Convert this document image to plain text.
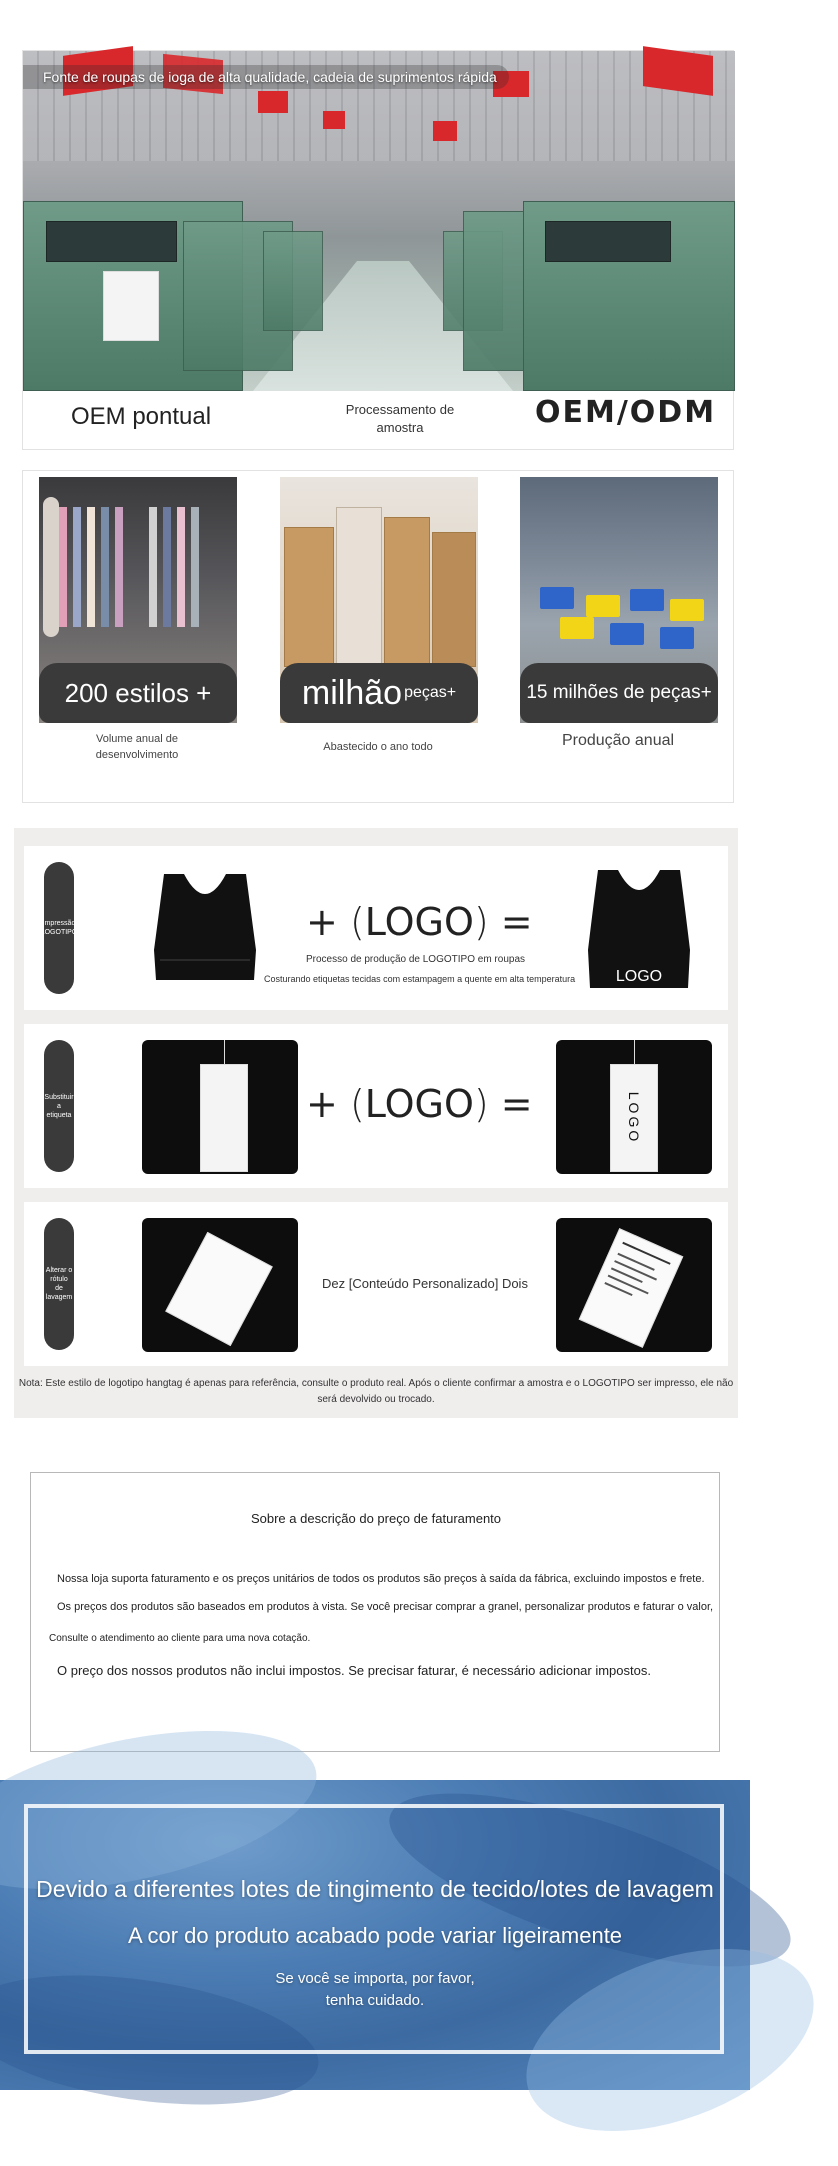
Fonte de roupas de ioga de alta qualidade, cadeia de suprimentos rápida
OEM pontual	Processamento de amostra	OEM/ODM
200 estilos +
Volume anual de desenvolvimento
milhão peças+
Abastecido o ano todo
15 milhões de peças+
Produção anual
Impressão LOGOTIPO	+ (LOGO) =
Processo de produção de LOGOTIPO em roupas
Costurando etiquetas tecidas com estampagem a quente em alta temperatura	LOGO
Substituir a etiqueta	+ (LOGO) =	LOGO
Alterar o rótulo de lavagem
Dez [Conteúdo Personalizado] Dois
Nota: Este estilo de logotipo hangtag é apenas para referência, consulte o produto real. Após o cliente confirmar a amostra e o LOGOTIPO ser impresso, ele não será devolvido ou trocado.
Sobre a descrição do preço de faturamento
Nossa loja suporta faturamento e os preços unitários de todos os produtos são preços à saída da fábrica, excluindo impostos e frete.
Os preços dos produtos são baseados em produtos à vista. Se você precisar comprar a granel, personalizar produtos e faturar o valor,
Consulte o atendimento ao cliente para uma nova cotação.
O preço dos nossos produtos não inclui impostos. Se precisar faturar, é necessário adicionar impostos.
Devido a diferentes lotes de tingimento de tecido/lotes de lavagem
A cor do produto acabado pode variar ligeiramente
Se você se importa, por favor,
tenha cuidado.
